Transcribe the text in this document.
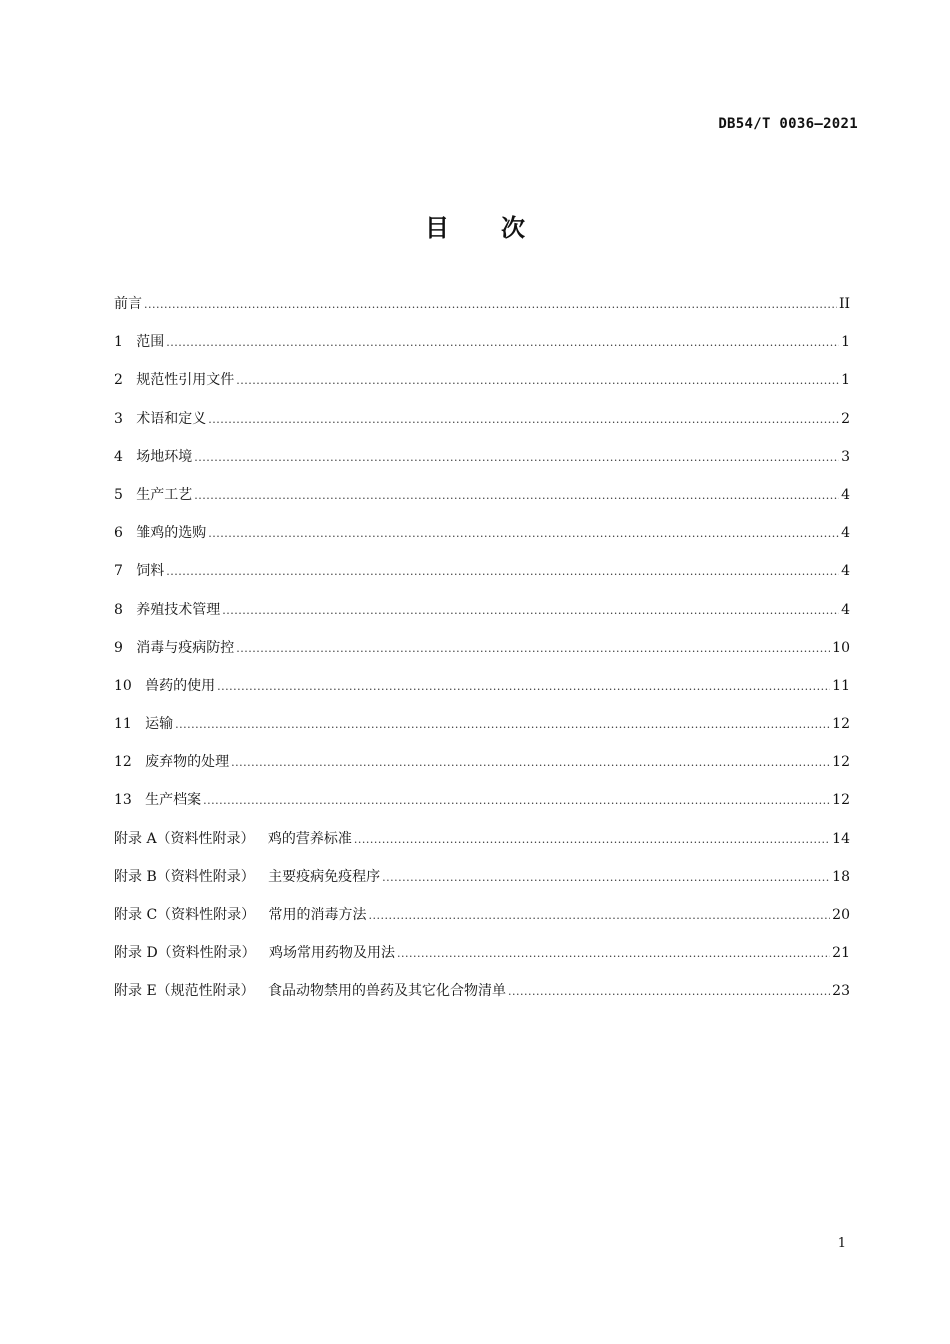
DB54/T 0036—2021
目 次
前言 .....	II
1 范围 .....	1
2 规范性引用文件 .....	1
3 术语和定义 .....	2
4 场地环境 .....	3
5 生产工艺 .....	4
6 雏鸡的选购 .....	4
7 饲料 .....	4
8 养殖技术管理 .....	4
9 消毒与疫病防控 .....	10
10 兽药的使用 .....	11
11 运输 .....	12
12 废弃物的处理 .....	12
13 生产档案 .....	12
附录 A（资料性附录） 鸡的营养标准 .....	14
附录 B（资料性附录） 主要疫病免疫程序 .....	18
附录 C（资料性附录） 常用的消毒方法 .....	20
附录 D（资料性附录） 鸡场常用药物及用法 .....	21
附录 E（规范性附录） 食品动物禁用的兽药及其它化合物清单 .....	23
1
